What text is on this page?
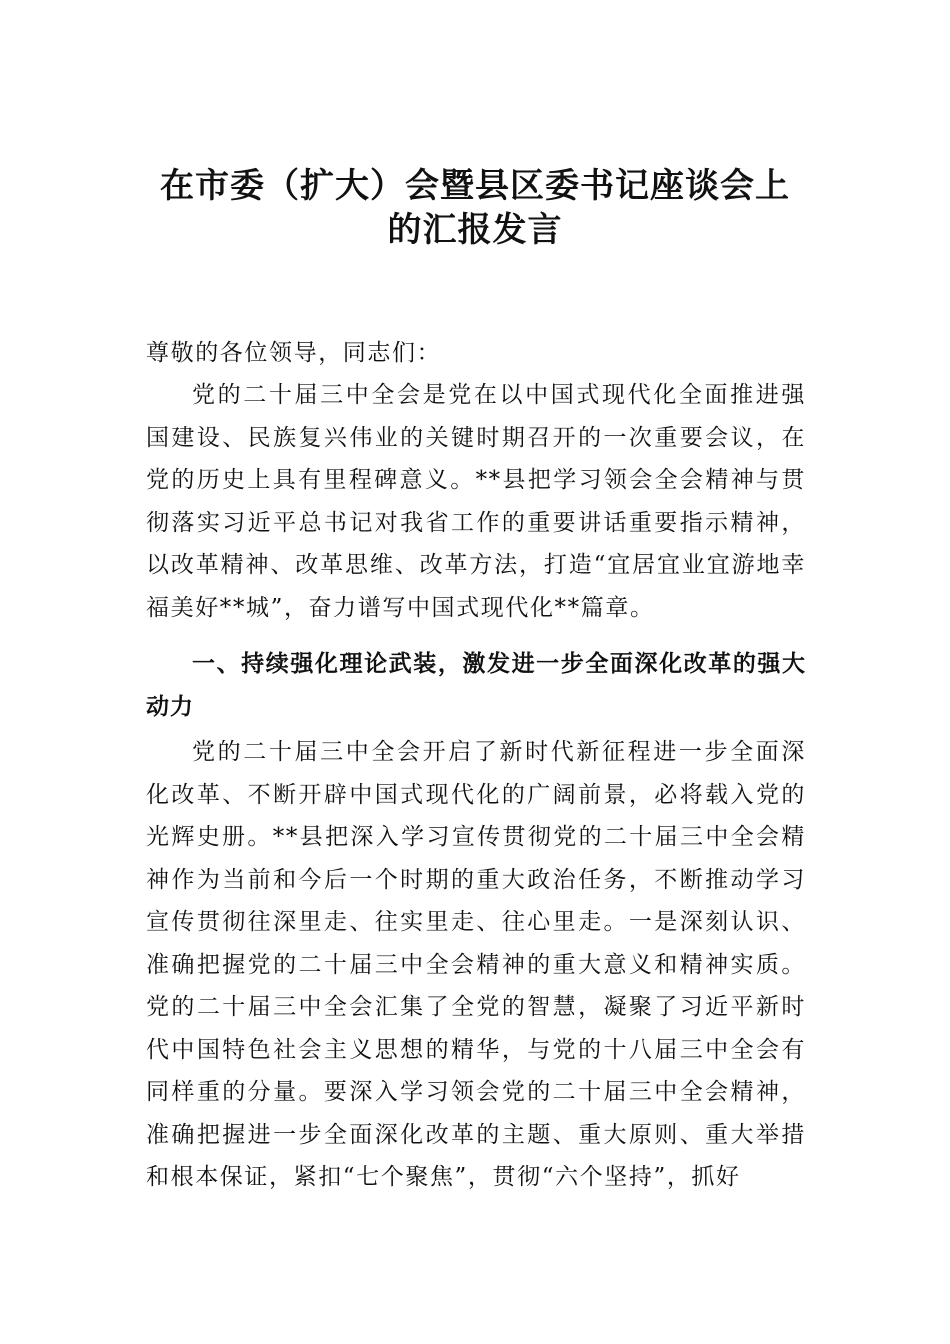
在市委（扩大）会暨县区委书记座谈会上
的汇报发言
尊敬的各位领导，同志们：

党的二十届三中全会是党在以中国式现代化全面推进强国建设、民族复兴伟业的关键时期召开的一次重要会议，在党的历史上具有里程碑意义。**县把学习领会全会精神与贯彻落实习近平总书记对我省工作的重要讲话重要指示精神，以改革精神、改革思维、改革方法，打造“宜居宜业宜游地幸福美好**城”，奋力谱写中国式现代化**篇章。

一、持续强化理论武装，激发进一步全面深化改革的强大动力

党的二十届三中全会开启了新时代新征程进一步全面深化改革、不断开辟中国式现代化的广阔前景，必将载入党的光辉史册。**县把深入学习宣传贯彻党的二十届三中全会精神作为当前和今后一个时期的重大政治任务，不断推动学习宣传贯彻往深里走、往实里走、往心里走。一是深刻认识、准确把握党的二十届三中全会精神的重大意义和精神实质。党的二十届三中全会汇集了全党的智慧，凝聚了习近平新时代中国特色社会主义思想的精华，与党的十八届三中全会有同样重的分量。要深入学习领会党的二十届三中全会精神，准确把握进一步全面深化改革的主题、重大原则、重大举措和根本保证，紧扣“七个聚焦”，贯彻“六个坚持”，抓好
